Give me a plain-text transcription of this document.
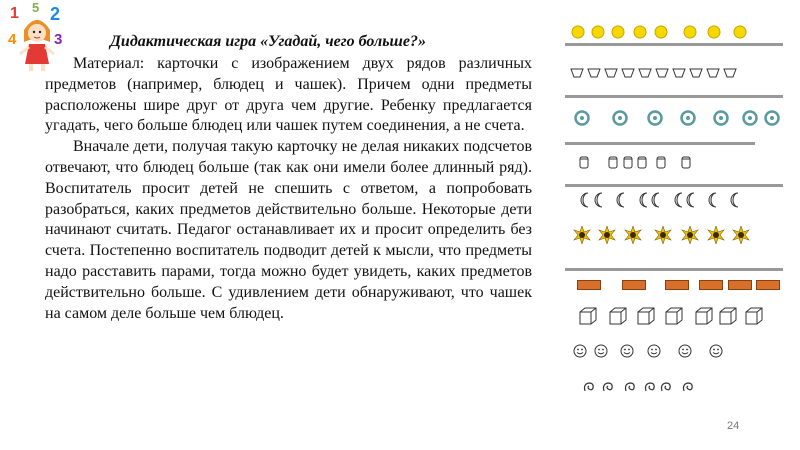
1 5 2
4	3	Дидактическая игра «Угадай, чего больше?»

Материал: карточки с изображением двух рядов различных предметов (например, блюдец и чашек). Причем одни предметы расположены шире друг от друга чем другие. Ребенку предлагается угадать, чего больше блюдец или чашек путем соединения, а не счета.

Вначале дети, получая такую карточку не делая никаких подсчетов отвечают, что блюдец больше (так как они имели более длинный ряд). Воспитатель просит детей не спешить с ответом, а попробовать разобраться, каких предметов действительно больше. Некоторые дети начинают считать. Педагог останавливает их и просит определить без счета. Постепенно воспитатель подводит детей к мысли, что предметы надо расставить парами, тогда можно будет увидеть, каких предметов действительно больше. С удивлением дети обнаруживают, что чашек на самом деле больше чем блюдец.

24
